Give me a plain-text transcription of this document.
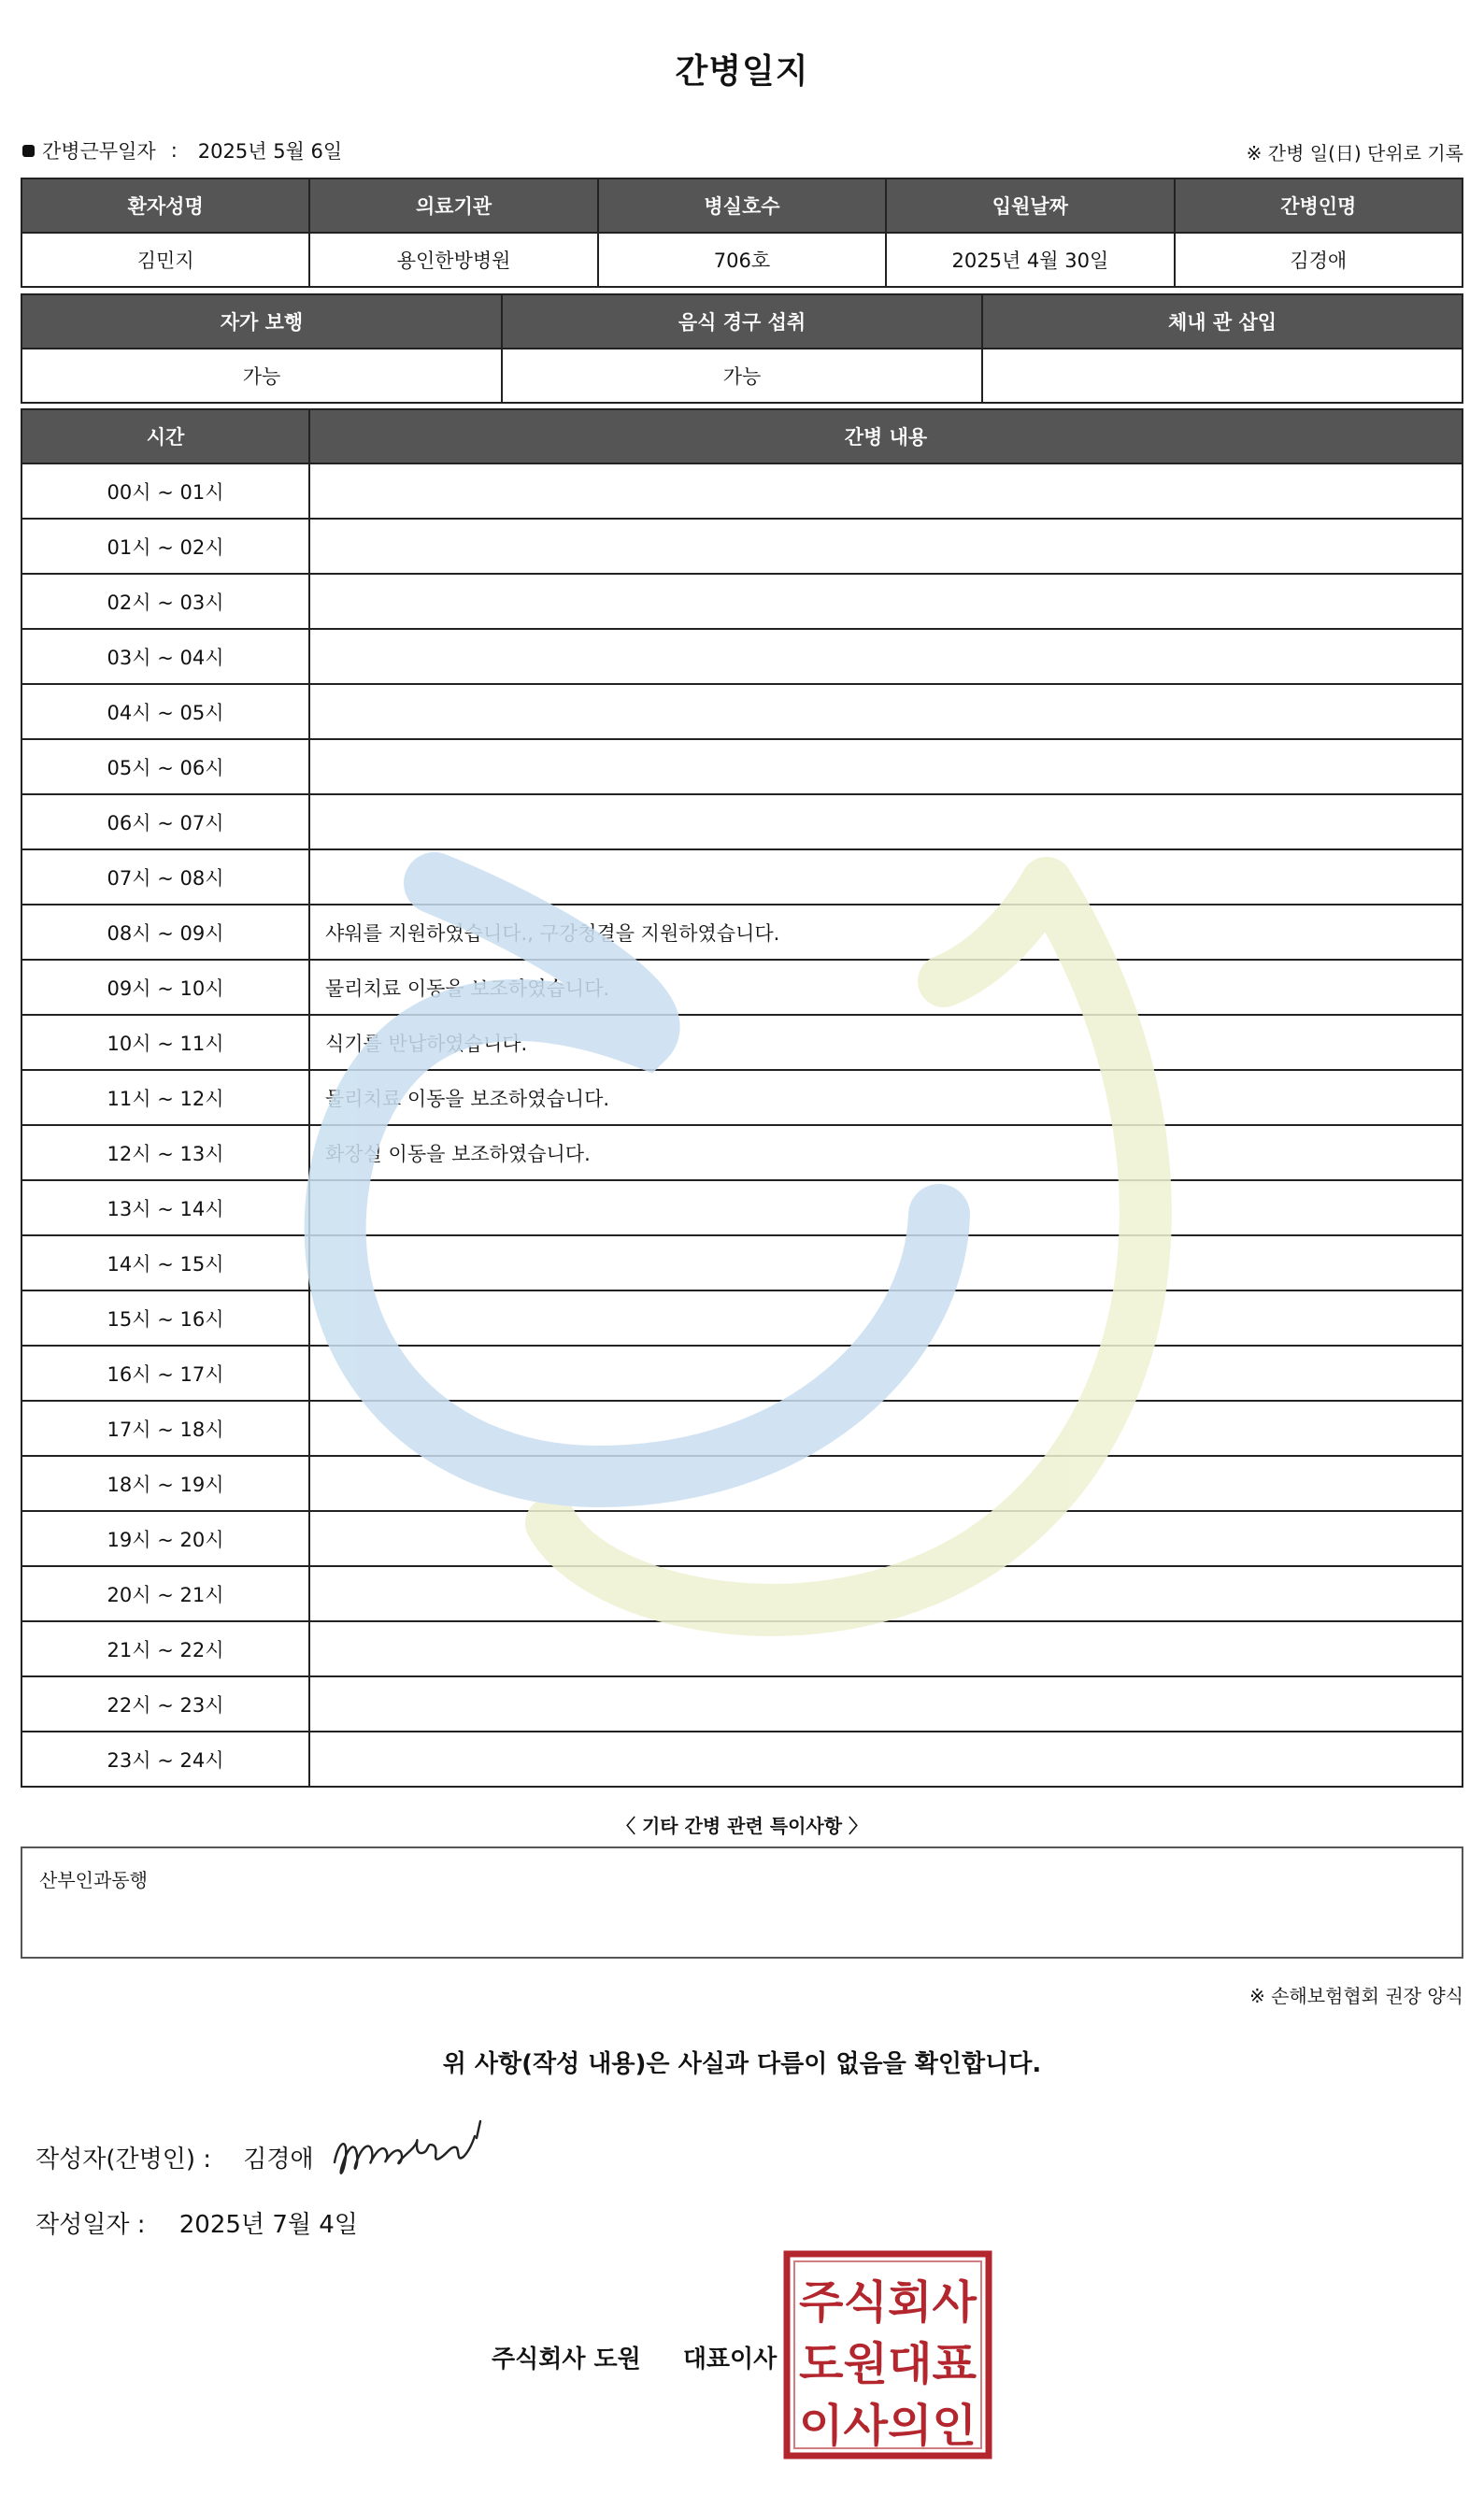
간병일지
간병근무일자 : 2025년 5월 6일	※ 간병 일(日) 단위로 기록
환자성명	의료기관	병실호수	입원날짜	간병인명
김민지	용인한방병원	706호	2025년 4월 30일	김경애
자가 보행	음식 경구 섭취	체내 관 삽입
가능	가능	
시간	간병 내용
00시 ~ 01시	
01시 ~ 02시	
02시 ~ 03시	
03시 ~ 04시	
04시 ~ 05시	
05시 ~ 06시	
06시 ~ 07시	
07시 ~ 08시	
08시 ~ 09시	샤워를 지원하였습니다., 구강청결을 지원하였습니다.
09시 ~ 10시	물리치료 이동을 보조하였습니다.
10시 ~ 11시	식기를 반납하였습니다.
11시 ~ 12시	물리치료 이동을 보조하였습니다.
12시 ~ 13시	화장실 이동을 보조하였습니다.
13시 ~ 14시	
14시 ~ 15시	
15시 ~ 16시	
16시 ~ 17시	
17시 ~ 18시	
18시 ~ 19시	
19시 ~ 20시	
20시 ~ 21시	
21시 ~ 22시	
22시 ~ 23시	
23시 ~ 24시	
〈 기타 간병 관련 특이사항 〉
산부인과동행
※ 손해보험협회 권장 양식
위 사항(작성 내용)은 사실과 다름이 없음을 확인합니다.
작성자(간병인) : 김경애
작성일자 : 2025년 7월 4일
주식회사 도원 대표이사
주식회사
도원대표
이사의인
